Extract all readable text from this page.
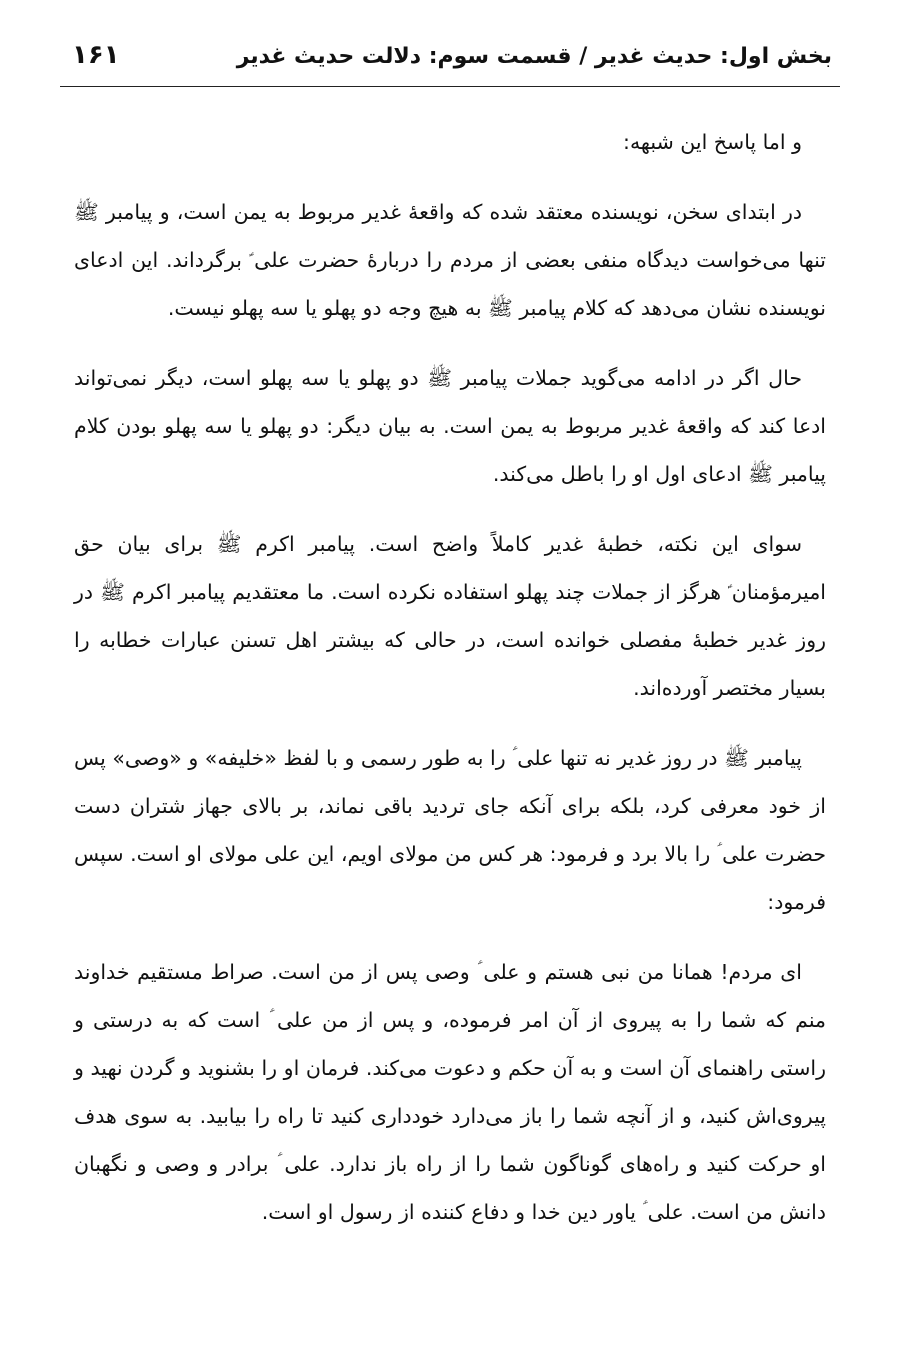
بخش اول: حدیث غدیر / قسمت سوم: دلالت حدیث غدیر
۱۶۱

و اما پاسخ این شبهه:

در ابتدای سخن، نویسنده معتقد شده که واقعهٔ غدیر مربوط به یمن است، و پیامبر ﷺ تنها می‌خواست دیدگاه منفی بعضی از مردم را دربارهٔ حضرت علی ؑ برگرداند. این ادعای نویسنده نشان می‌دهد که کلام پیامبر ﷺ به هیچ وجه دو پهلو یا سه پهلو نیست.

حال اگر در ادامه می‌گوید جملات پیامبر ﷺ دو پهلو یا سه پهلو است، دیگر نمی‌تواند ادعا کند که واقعهٔ غدیر مربوط به یمن است. به بیان دیگر: دو پهلو یا سه پهلو بودن کلام پیامبر ﷺ ادعای اول او را باطل می‌کند.

سوای این نکته، خطبهٔ غدیر کاملاً واضح است. پیامبر اکرم ﷺ برای بیان حق امیرمؤمنان ؑ هرگز از جملات چند پهلو استفاده نکرده است. ما معتقدیم پیامبر اکرم ﷺ در روز غدیر خطبهٔ مفصلی خوانده است، در حالی که بیشتر اهل تسنن عبارات خطابه را بسیار مختصر آورده‌اند.

پیامبر ﷺ در روز غدیر نه تنها علی ؑ را به طور رسمی و با لفظ «خلیفه» و «وصی» پس از خود معرفی کرد، بلکه برای آنکه جای تردید باقی نماند، بر بالای جهاز شتران دست حضرت علی ؑ را بالا برد و فرمود: هر کس من مولای اویم، این علی مولای او است. سپس فرمود:

ای مردم! همانا من نبی هستم و علی ؑ وصی پس از من است. صراط مستقیم خداوند منم که شما را به پیروی از آن امر فرموده، و پس از من علی ؑ است که به درستی و راستی راهنمای آن است و به آن حکم و دعوت می‌کند. فرمان او را بشنوید و گردن نهید و پیروی‌اش کنید، و از آنچه شما را باز می‌دارد خودداری کنید تا راه را بیابید. به سوی هدف او حرکت کنید و راه‌های گوناگون شما را از راه باز ندارد. علی ؑ برادر و وصی و نگهبان دانش من است. علی ؑ یاور دین خدا و دفاع کننده از رسول او است.
